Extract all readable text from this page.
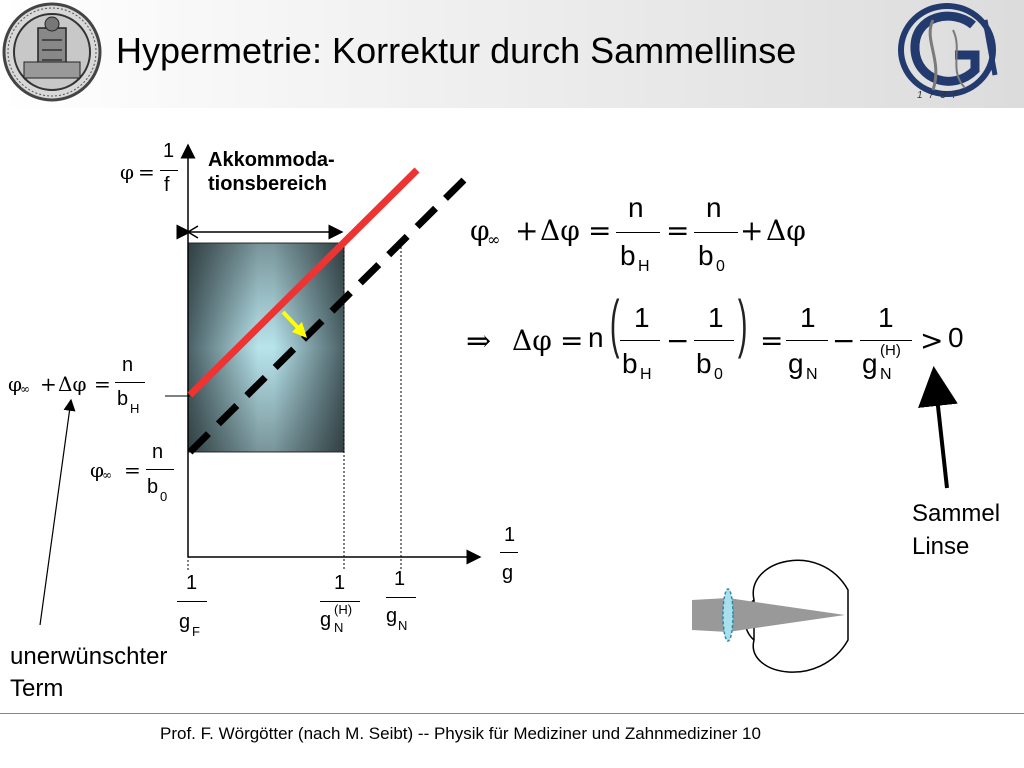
Hypermetrie: Korrektur durch Sammellinse
1737
φ =
1
f
Akkommoda-
tionsbereich
φ
∞ + Δφ =
n
b H
φ
∞ =
n
b 0
1
g
1
g F
1
g (H)
N
1
g N
unerwünschter
Term
Sammel
Linse
φ
∞ + Δφ =
n
b H
=
n
b 0
+ Δφ
⇒ Δφ = n ( 1
b H
−
1
b 0
) =
1
g N
−
1
g (H)
N
> 0
Prof. F. Wörgötter (nach M. Seibt) -- Physik für Mediziner und Zahnmediziner 10
